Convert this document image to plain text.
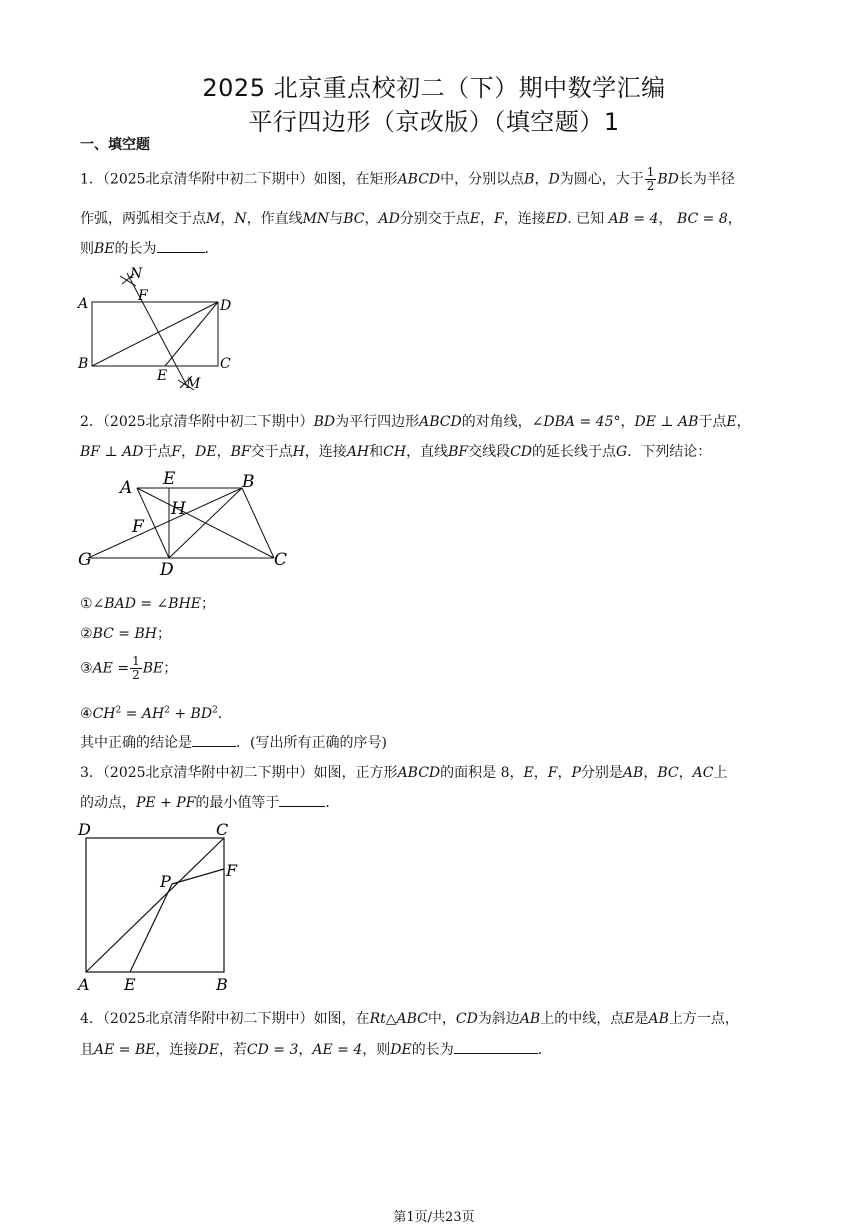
2025 北京重点校初二（下）期中数学汇编
平行四边形（京改版）（填空题）1
一、填空题
1．（2025北京清华附中初二下期中）如图，在矩形ABCD中，分别以点B，D为圆心，大于 $\frac{1}{2}$ BD长为半径
作弧，两弧相交于点M，N，作直线MN与BC，AD分别交于点E，F，连接ED. 已知 AB = 4， BC = 8，
则BE的长为	．
A
B	C
D
E
F
M
N
2．（2025北京清华附中初二下期中）BD为平行四边形ABCD的对角线，∠DBA = 45°，DE ⊥ AB于点E，
BF ⊥ AD于点F，DE，BF交于点H，连接AH和CH，直线BF交线段CD的延长线于点G．下列结论：
A	B
C
D
E
F
G
H
①∠BAD = ∠BHE；
②BC = BH；
③AE = $\frac{1}{2}$ BE；
$④CH^2 = AH^2 + BD^2$．
其中正确的结论是	．(写出所有正确的序号)
3．（2025北京清华附中初二下期中）如图，正方形ABCD的面积是 8，E，F，P分别是AB，BC，AC上
的动点，PE + PF的最小值等于	．
D	C
F
P
A E	B
4．（2025北京清华附中初二下期中）如图，在Rt△ABC中，CD为斜边AB上的中线，点E是AB上方一点，
且AE = BE，连接DE，若CD = 3，AE = 4，则DE的长为	．
第1页/共23页
